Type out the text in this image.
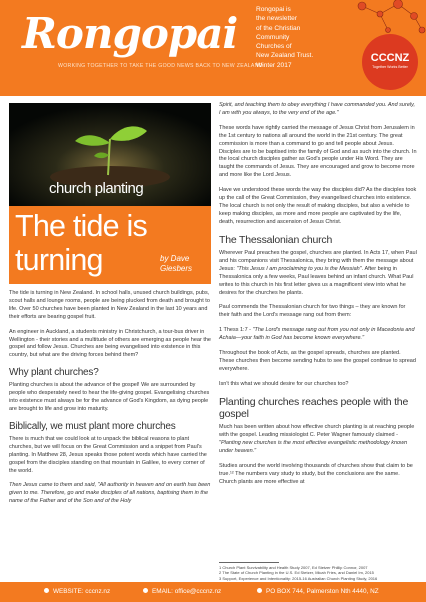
Rongopai
WORKING TOGETHER TO TAKE THE GOOD NEWS BACK TO NEW ZEALAND
Rongopai is
the newsletter
of the Christian
Community
Churches of
New Zealand Trust.
Winter 2017
CCCNZ
Together Works Better
church planting
The tide is
turning	by Dave
Giesbers

The tide is turning in New Zealand. In school halls, unused church buildings, pubs, scout halls and lounge rooms, people are being plucked from death and brought to life. Over 50 churches have been planted in New Zealand in the last 10 years and their efforts are bearing gospel fruit.

An engineer in Auckland, a students ministry in Christchurch, a tour-bus driver in Wellington - their stories and a multitude of others are emerging as people hear the gospel and follow Jesus. Churches are being evangelised into existence in this country, but what are the driving forces behind them?

Why plant churches?

Planting churches is about the advance of the gospel! We are surrounded by people who desperately need to hear the life-giving gospel. Evangelising churches into existence must always be for the advance of God's Kingdom, as dying people are brought to life and grow into maturity.

Biblically, we must plant more churches

There is much that we could look at to unpack the biblical reasons to plant churches, but we will focus on the Great Commission and a snippet from Paul's planting. In Matthew 28, Jesus speaks those potent words which have carried the gospel from the disciples standing on that mountain in Galilee, to every corner of the world.

Then Jesus came to them and said, "All authority in heaven and on earth has been given to me. Therefore, go and make disciples of all nations, baptising them in the name of the Father and of the Son and of the Holy

Spirit, and teaching them to obey everything I have commanded you. And surely, I am with you always, to the very end of the age."

These words have rightly carried the message of Jesus Christ from Jerusalem in the 1st century to nations all around the world in the 21st century. The great commission is more than a command to go and tell people about Jesus. Disciples are to be baptised into the family of God and as such into the church. In the local church disciples gather as God's people under His Word. They are taught the commands of Jesus. They are encouraged and grow to become more and more like the Lord Jesus.

Have we understood these words the way the disciples did? As the disciples took up the call of the Great Commission, they evangelised churches into existence. The local church is not only the result of making disciples, but also a vehicle to keep making disciples, as more and more people are captivated by the life, death, resurrection and ascension of Jesus Christ.

The Thessalonian church

Wherever Paul preaches the gospel, churches are planted. In Acts 17, when Paul and his companions visit Thessalonica, they bring with them the message about Jesus: "This Jesus I am proclaiming to you is the Messiah". After being in Thessalonica only a few weeks, Paul leaves behind an infant church. What Paul writes to this church in his first letter gives us a magnificent view into what he desires for the churches he plants.

Paul commends the Thessalonian church for two things – they are known for their faith and the Lord's message rang out from them:

1 Thess 1:7 - "The Lord's message rang out from you not only in Macedonia and Achaia—your faith in God has become known everywhere."

Throughout the book of Acts, as the gospel spreads, churches are planted. These churches then become sending hubs to see the gospel continue to spread everywhere.

Isn't this what we should desire for our churches too?

Planting churches reaches people with the gospel

Much has been written about how effective church planting is at reaching people with the gospel. Leading missiologist C. Peter Wagner famously claimed - "Planting new churches is the most effective evangelistic methodology known under heaven."

Studies around the world involving thousands of churches show that claim to be true.¹² The numbers vary study to study, but the conclusions are the same. Church plants are more effective at

1 Church Plant Survivability and Health Study 2007, Ed Stetzer Phillip Connor, 2007
2 The State of Church Planting in the U.S. Ed Stetzer, Micah Fries, and Daniel Im, 2015
3 Support, Experience and Intentionality: 2015-16 Australian Church Planting Study, 2016
WEBSITE: cccnz.nz	EMAIL: office@cccnz.nz	PO BOX 744, Palmerston Nth 4440, NZ
